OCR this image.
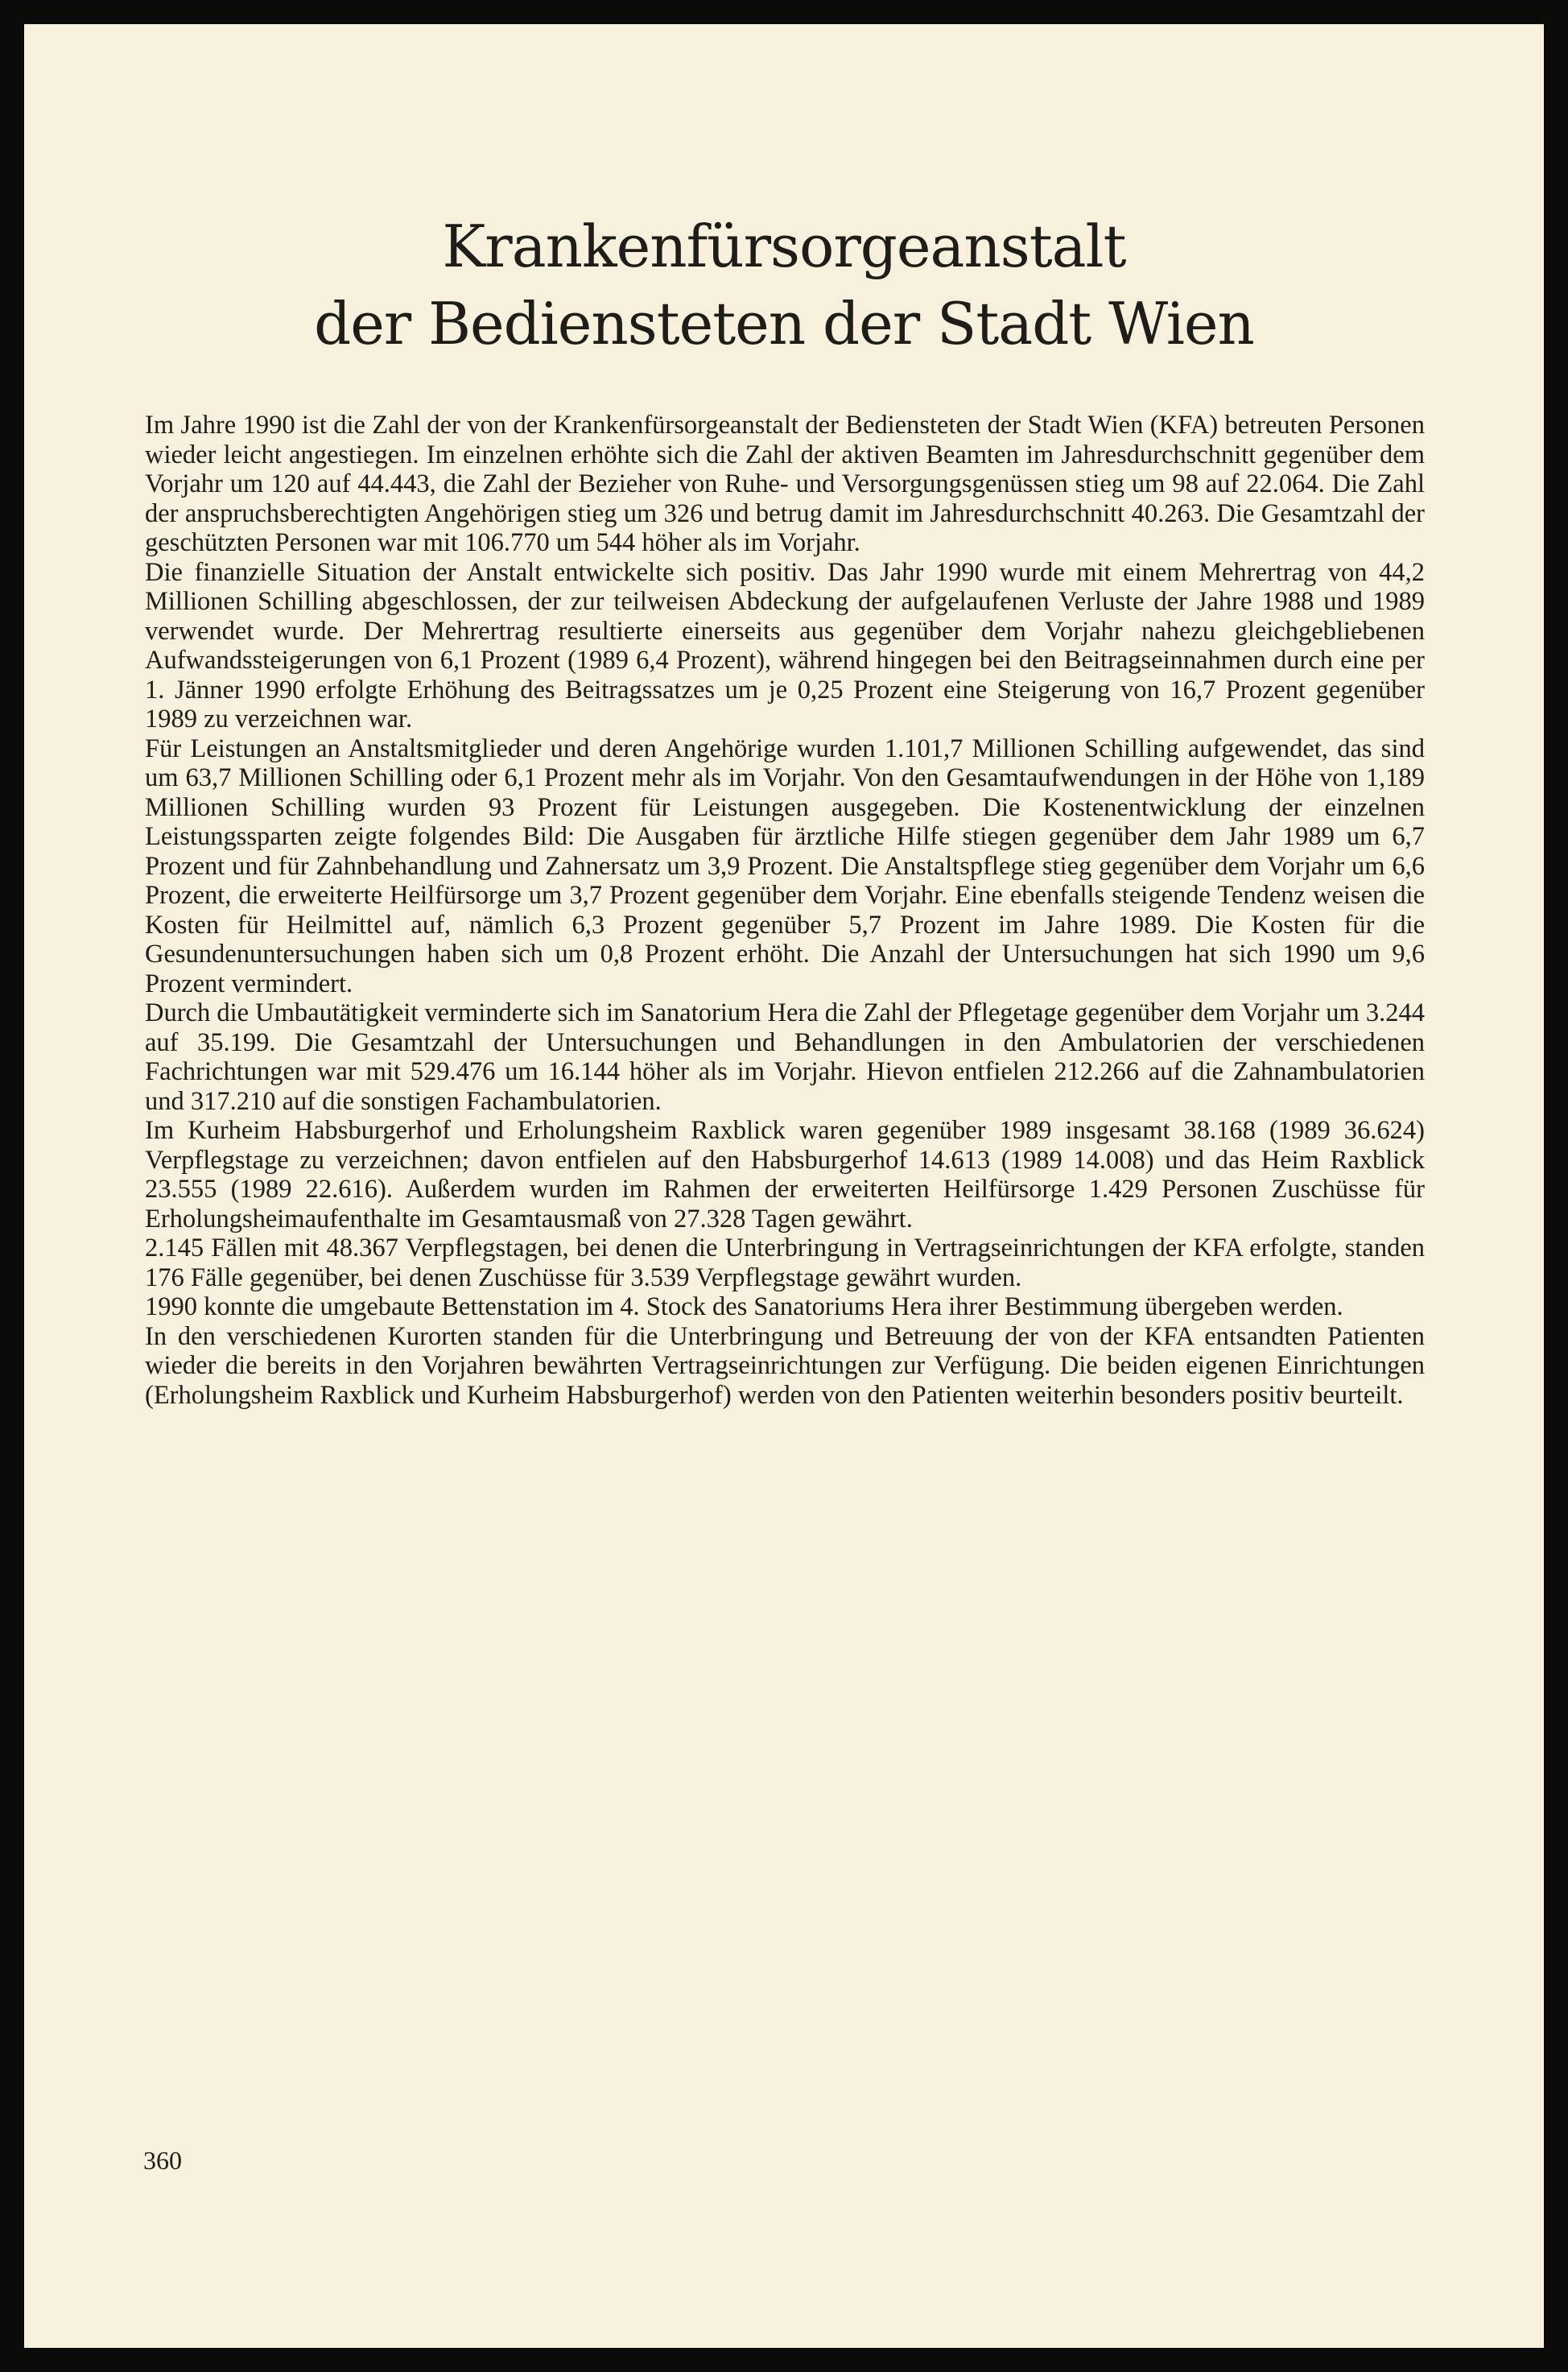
Krankenfürsorgeanstalt
der Bediensteten der Stadt Wien

Im Jahre 1990 ist die Zahl der von der Krankenfürsorgeanstalt der Bediensteten der Stadt Wien (KFA) betreuten Personen wieder leicht angestiegen. Im einzelnen erhöhte sich die Zahl der aktiven Beamten im Jahresdurchschnitt gegenüber dem Vorjahr um 120 auf 44.443, die Zahl der Bezieher von Ruhe- und Versorgungsgenüssen stieg um 98 auf 22.064. Die Zahl der anspruchsberechtigten Angehörigen stieg um 326 und betrug damit im Jahresdurchschnitt 40.263. Die Gesamtzahl der geschützten Personen war mit 106.770 um 544 höher als im Vorjahr.

Die finanzielle Situation der Anstalt entwickelte sich positiv. Das Jahr 1990 wurde mit einem Mehrertrag von 44,2 Millionen Schilling abgeschlossen, der zur teilweisen Abdeckung der aufgelaufenen Verluste der Jahre 1988 und 1989 verwendet wurde. Der Mehrertrag resultierte einerseits aus gegenüber dem Vorjahr nahezu gleichgebliebenen Aufwandssteigerungen von 6,1 Prozent (1989 6,4 Prozent), während hingegen bei den Beitragseinnahmen durch eine per 1. Jänner 1990 erfolgte Erhöhung des Beitragssatzes um je 0,25 Prozent eine Steigerung von 16,7 Prozent gegenüber 1989 zu verzeichnen war.

Für Leistungen an Anstaltsmitglieder und deren Angehörige wurden 1.101,7 Millionen Schilling aufgewendet, das sind um 63,7 Millionen Schilling oder 6,1 Prozent mehr als im Vorjahr. Von den Gesamtaufwendungen in der Höhe von 1,189 Millionen Schilling wurden 93 Prozent für Leistungen ausgegeben. Die Kostenentwicklung der einzelnen Leistungssparten zeigte folgendes Bild: Die Ausgaben für ärztliche Hilfe stiegen gegenüber dem Jahr 1989 um 6,7 Prozent und für Zahnbehandlung und Zahnersatz um 3,9 Prozent. Die Anstaltspflege stieg gegenüber dem Vorjahr um 6,6 Prozent, die erweiterte Heilfürsorge um 3,7 Prozent gegenüber dem Vorjahr. Eine ebenfalls steigende Tendenz weisen die Kosten für Heilmittel auf, nämlich 6,3 Prozent gegenüber 5,7 Prozent im Jahre 1989. Die Kosten für die Gesundenuntersuchungen haben sich um 0,8 Prozent erhöht. Die Anzahl der Untersuchungen hat sich 1990 um 9,6 Prozent vermindert.

Durch die Umbautätigkeit verminderte sich im Sanatorium Hera die Zahl der Pflegetage gegenüber dem Vorjahr um 3.244 auf 35.199. Die Gesamtzahl der Untersuchungen und Behandlungen in den Ambulatorien der verschiedenen Fachrichtungen war mit 529.476 um 16.144 höher als im Vorjahr. Hievon entfielen 212.266 auf die Zahnambulatorien und 317.210 auf die sonstigen Fachambulatorien.

Im Kurheim Habsburgerhof und Erholungsheim Raxblick waren gegenüber 1989 insgesamt 38.168 (1989 36.624) Verpflegstage zu verzeichnen; davon entfielen auf den Habsburgerhof 14.613 (1989 14.008) und das Heim Raxblick 23.555 (1989 22.616). Außerdem wurden im Rahmen der erweiterten Heilfürsorge 1.429 Personen Zuschüsse für Erholungsheimaufenthalte im Gesamtausmaß von 27.328 Tagen gewährt.

2.145 Fällen mit 48.367 Verpflegstagen, bei denen die Unterbringung in Vertragseinrichtungen der KFA erfolgte, standen 176 Fälle gegenüber, bei denen Zuschüsse für 3.539 Verpflegstage gewährt wurden.

1990 konnte die umgebaute Bettenstation im 4. Stock des Sanatoriums Hera ihrer Bestimmung übergeben werden.

In den verschiedenen Kurorten standen für die Unterbringung und Betreuung der von der KFA entsandten Patienten wieder die bereits in den Vorjahren bewährten Vertragseinrichtungen zur Verfügung. Die beiden eigenen Einrichtungen (Erholungsheim Raxblick und Kurheim Habsburgerhof) werden von den Patienten weiterhin besonders positiv beurteilt.

360
